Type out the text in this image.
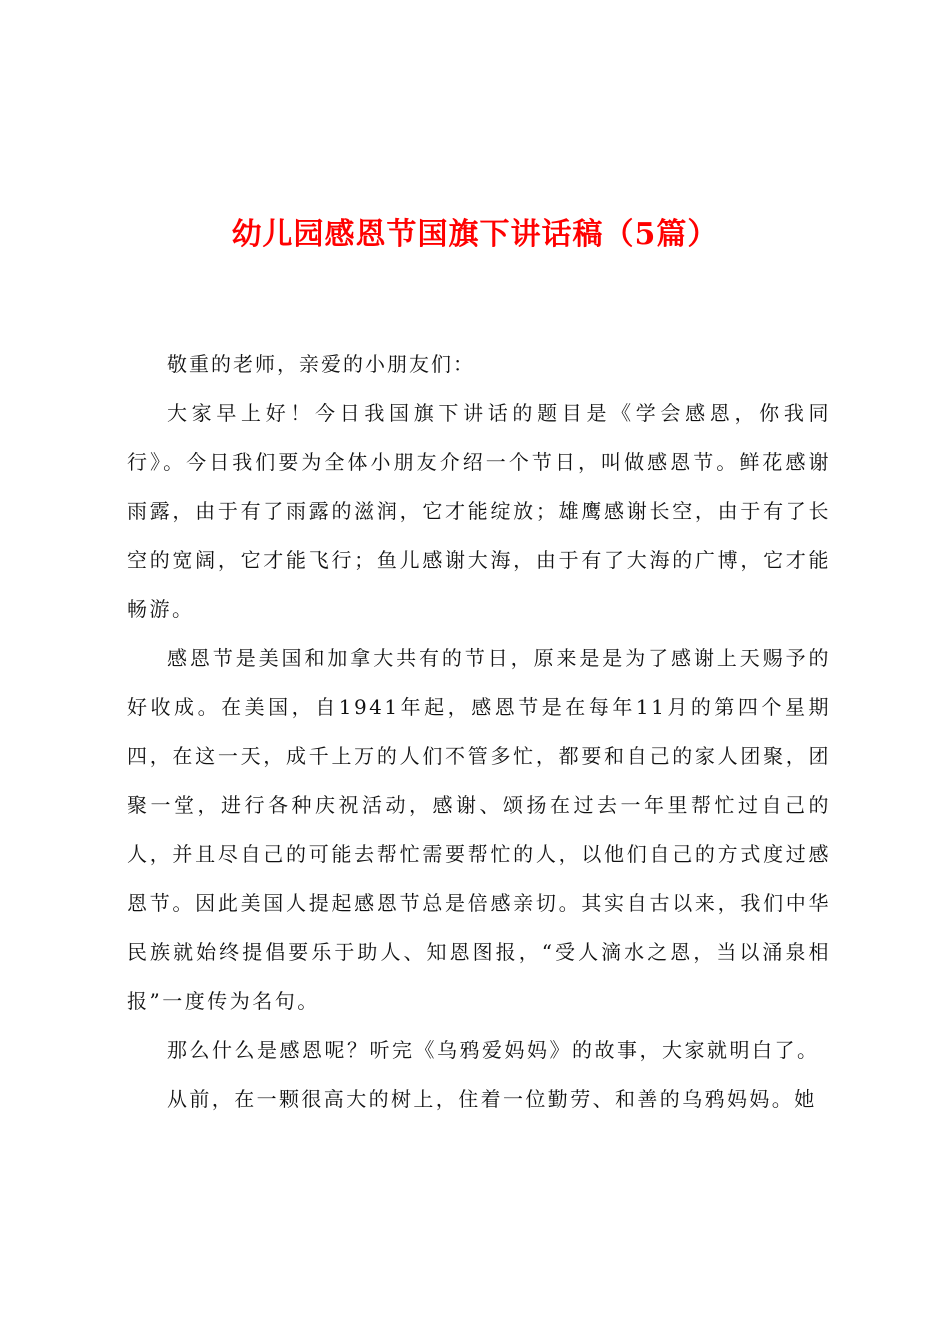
幼儿园感恩节国旗下讲话稿（5篇）

敬重的老师，亲爱的小朋友们：

大家早上好！今日我国旗下讲话的题目是《学会感恩，你我同行》。今日我们要为全体小朋友介绍一个节日，叫做感恩节。鲜花感谢雨露，由于有了雨露的滋润，它才能绽放；雄鹰感谢长空，由于有了长空的宽阔，它才能飞行；鱼儿感谢大海，由于有了大海的广博，它才能畅游。

感恩节是美国和加拿大共有的节日，原来是是为了感谢上天赐予的好收成。在美国，自1941年起，感恩节是在每年11月的第四个星期四，在这一天，成千上万的人们不管多忙，都要和自己的家人团聚，团聚一堂，进行各种庆祝活动，感谢、颂扬在过去一年里帮忙过自己的人，并且尽自己的可能去帮忙需要帮忙的人，以他们自己的方式度过感恩节。因此美国人提起感恩节总是倍感亲切。其实自古以来，我们中华民族就始终提倡要乐于助人、知恩图报，“受人滴水之恩，当以涌泉相报”一度传为名句。

那么什么是感恩呢？听完《乌鸦爱妈妈》的故事，大家就明白了。

从前，在一颗很高大的树上，住着一位勤劳、和善的乌鸦妈妈。她
